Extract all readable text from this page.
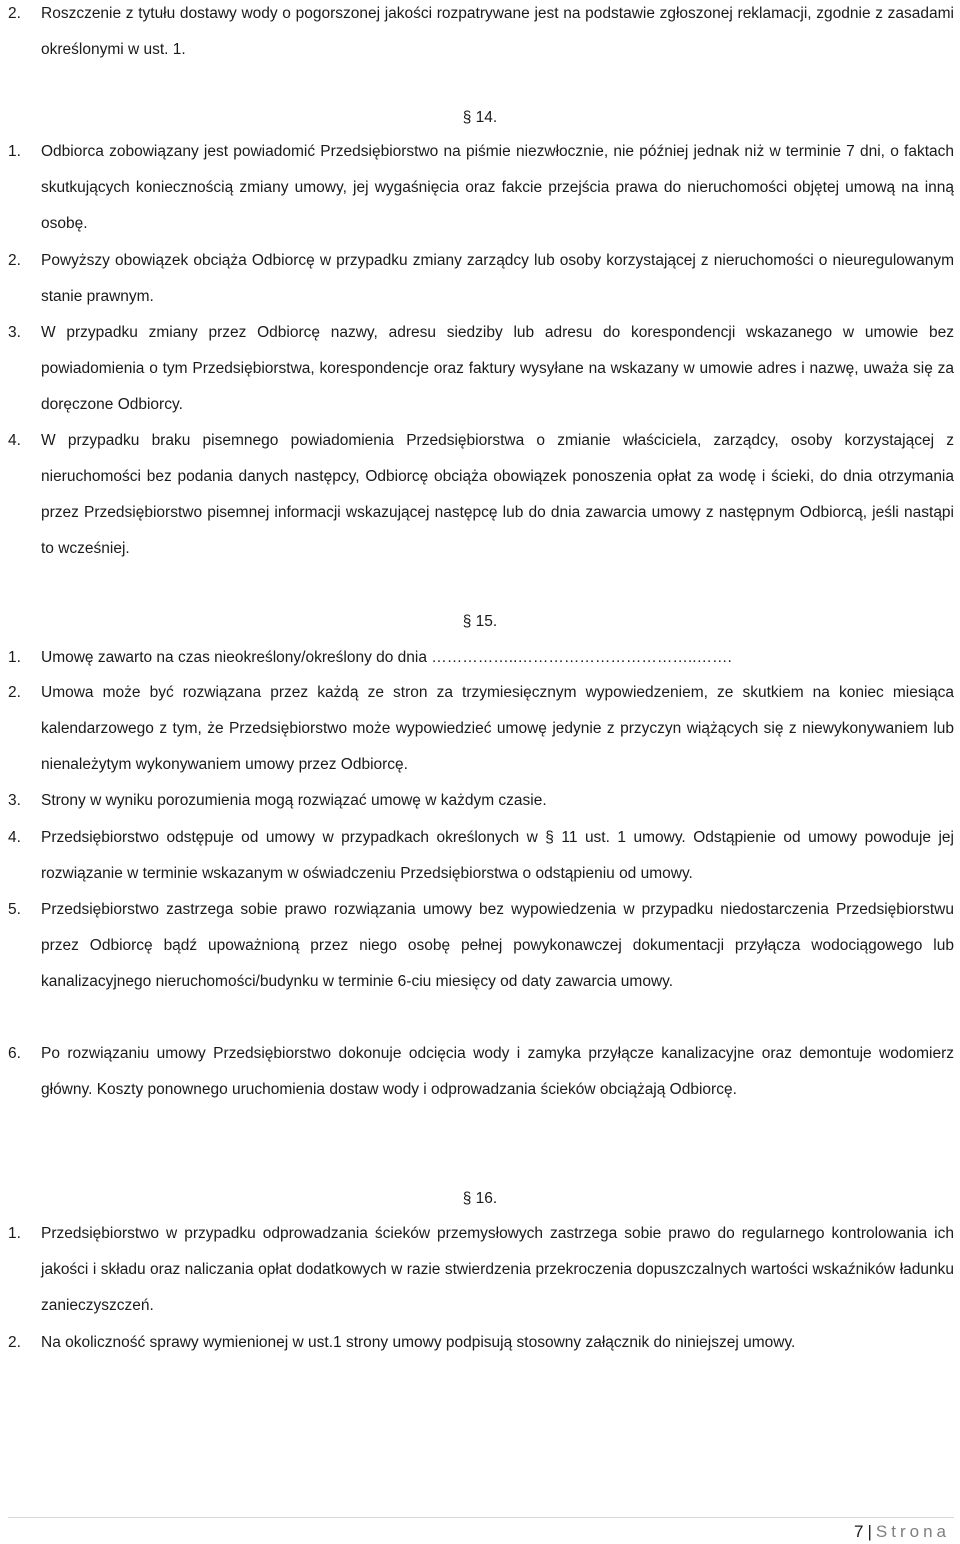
2. Roszczenie z tytułu dostawy wody o pogorszonej jakości rozpatrywane jest na podstawie zgłoszonej reklamacji, zgodnie z zasadami określonymi w ust. 1.
§ 14.
1. Odbiorca zobowiązany jest powiadomić Przedsiębiorstwo na piśmie niezwłocznie, nie później jednak niż w terminie 7 dni, o faktach skutkujących koniecznością zmiany umowy, jej wygaśnięcia oraz fakcie przejścia prawa do nieruchomości objętej umową na inną osobę.
2. Powyższy obowiązek obciąża Odbiorcę w przypadku zmiany zarządcy lub osoby korzystającej z nieruchomości o nieuregulowanym stanie prawnym.
3. W przypadku zmiany przez Odbiorcę nazwy, adresu siedziby lub adresu do korespondencji wskazanego w umowie bez powiadomienia o tym Przedsiębiorstwa, korespondencje oraz faktury wysyłane na wskazany w umowie adres i nazwę, uważa się za doręczone Odbiorcy.
4. W przypadku braku pisemnego powiadomienia Przedsiębiorstwa o zmianie właściciela, zarządcy, osoby korzystającej z nieruchomości bez podania danych następcy, Odbiorcę obciąża obowiązek ponoszenia opłat za wodę i ścieki, do dnia otrzymania przez Przedsiębiorstwo pisemnej informacji wskazującej następcę lub do dnia zawarcia umowy z następnym Odbiorcą, jeśli nastąpi to wcześniej.
§ 15.
1. Umowę zawarto na czas nieokreślony/określony do dnia ……………..……………………………..…….
2. Umowa może być rozwiązana przez każdą ze stron za trzymiesięcznym wypowiedzeniem, ze skutkiem na koniec miesiąca kalendarzowego z tym, że Przedsiębiorstwo może wypowiedzieć umowę jedynie z przyczyn wiążących się z niewykonywaniem lub nienależytym wykonywaniem umowy przez Odbiorcę.
3. Strony w wyniku porozumienia mogą rozwiązać umowę w każdym czasie.
4. Przedsiębiorstwo odstępuje od umowy w przypadkach określonych w § 11 ust. 1 umowy. Odstąpienie od umowy powoduje jej rozwiązanie w terminie wskazanym w oświadczeniu Przedsiębiorstwa o odstąpieniu od umowy.
5. Przedsiębiorstwo zastrzega sobie prawo rozwiązania umowy bez wypowiedzenia w przypadku niedostarczenia Przedsiębiorstwu przez Odbiorcę bądź upoważnioną przez niego osobę pełnej powykonawczej dokumentacji przyłącza wodociągowego lub kanalizacyjnego nieruchomości/budynku w terminie 6-ciu miesięcy od daty zawarcia umowy.
6. Po rozwiązaniu umowy Przedsiębiorstwo dokonuje odcięcia wody i zamyka przyłącze kanalizacyjne oraz demontuje wodomierz główny. Koszty ponownego uruchomienia dostaw wody i odprowadzania ścieków obciążają Odbiorcę.
§ 16.
1. Przedsiębiorstwo w przypadku odprowadzania ścieków przemysłowych zastrzega sobie prawo do regularnego kontrolowania ich jakości i składu oraz naliczania opłat dodatkowych w razie stwierdzenia przekroczenia dopuszczalnych wartości wskaźników ładunku zanieczyszczeń.
2. Na okoliczność sprawy wymienionej w ust.1 strony umowy podpisują stosowny załącznik do niniejszej umowy.
7 | Strona
